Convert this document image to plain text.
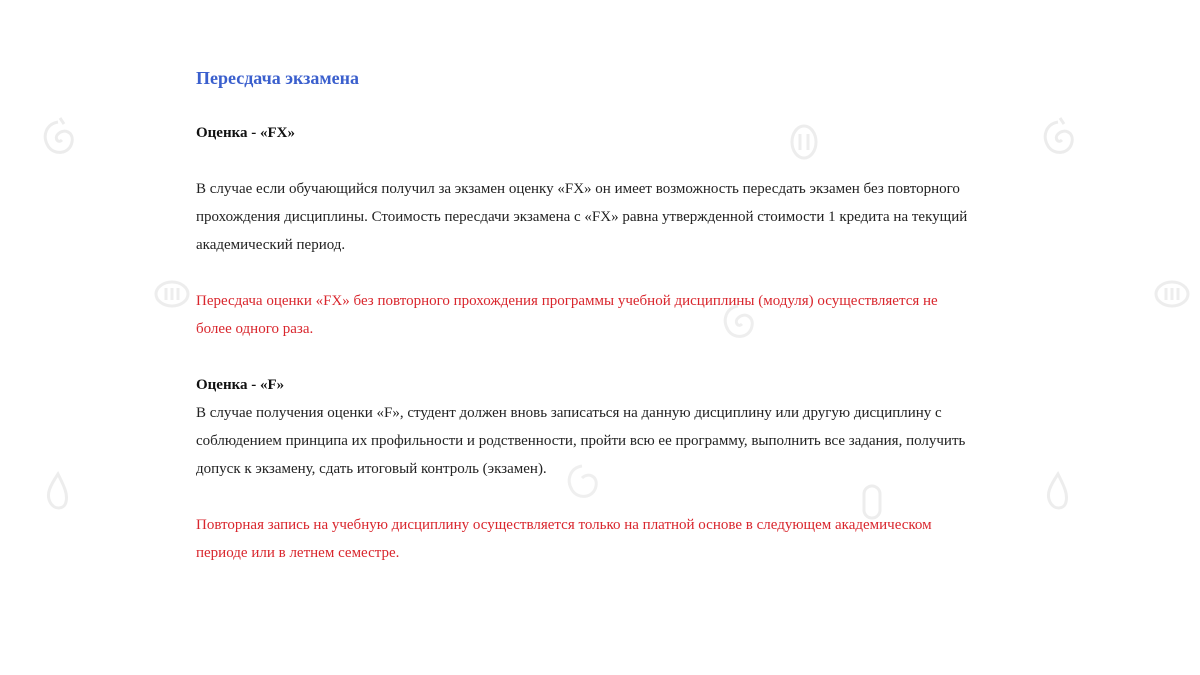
Пересдача экзамена
Оценка - «FX»

В случае если обучающийся получил за экзамен оценку «FX» он имеет возможность пересдать экзамен без повторного прохождения дисциплины. Стоимость пересдачи экзамена с «FX» равна утвержденной стоимости 1 кредита на текущий академический период.

Пересдача оценки «FX» без повторного прохождения программы учебной дисциплины (модуля) осуществляется не более одного раза.

Оценка - «F»

В случае получения оценки «F», студент должен вновь записаться на данную дисциплину или другую дисциплину с соблюдением принципа их профильности и родственности, пройти всю ее программу, выполнить все задания, получить допуск к экзамену, сдать итоговый контроль (экзамен).

Повторная запись на учебную дисциплину осуществляется только на платной основе в следующем академическом периоде или в летнем семестре.
